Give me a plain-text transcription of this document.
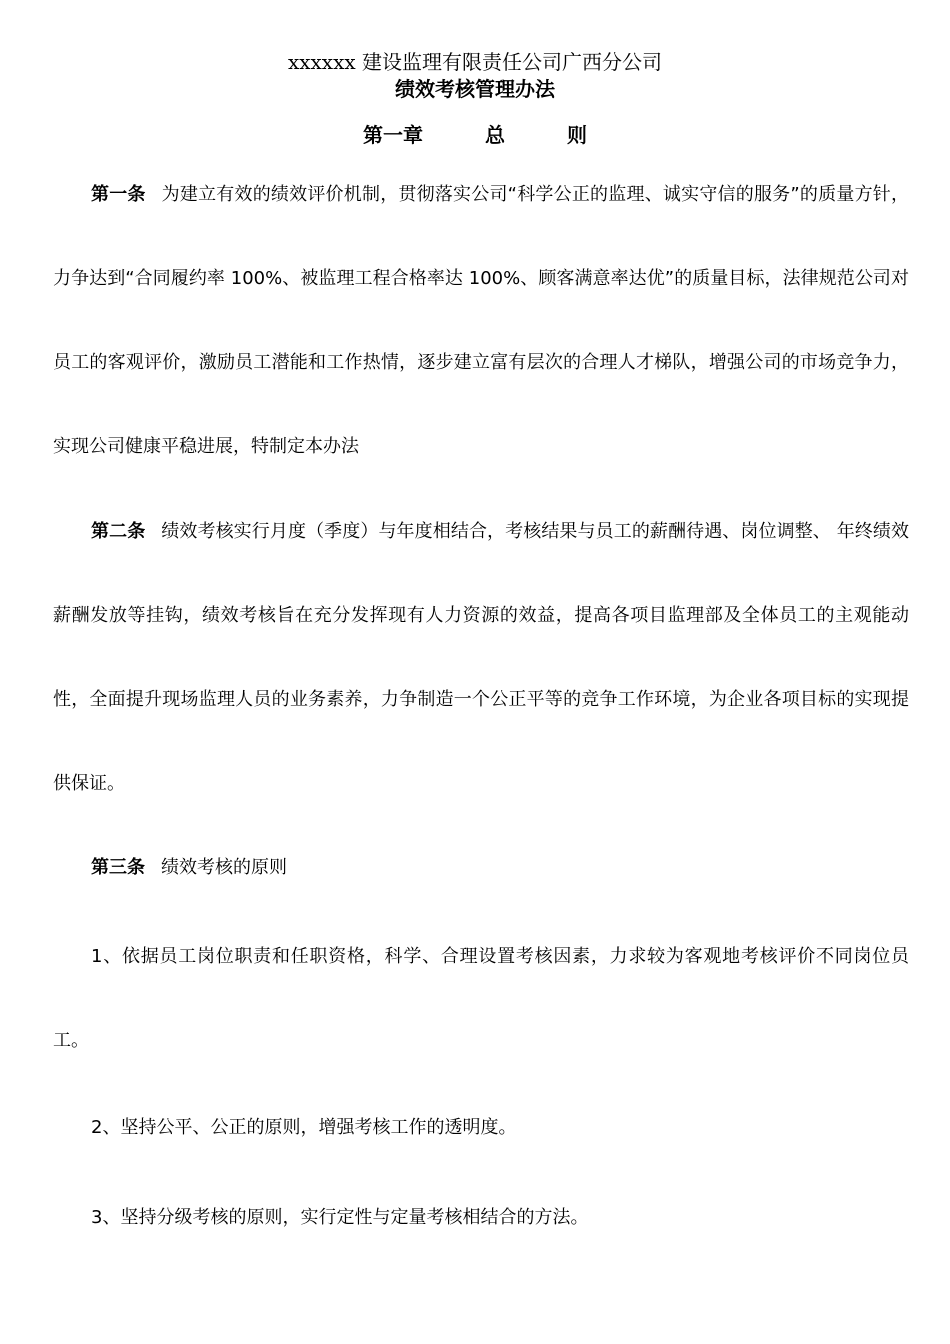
xxxxxx 建设监理有限责任公司广西分公司
绩效考核管理办法
第一章	总	则

第一条 为建立有效的绩效评价机制，贯彻落实公司“科学公正的监理、诚实守信的服务”的质量方针，力争达到“合同履约率 100%、被监理工程合格率达 100%、顾客满意率达优”的质量目标，法律规范公司对员工的客观评价，激励员工潜能和工作热情，逐步建立富有层次的合理人才梯队，增强公司的市场竞争力，实现公司健康平稳进展，特制定本办法

第二条 绩效考核实行月度（季度）与年度相结合，考核结果与员工的薪酬待遇、岗位调整、 年终绩效薪酬发放等挂钩，绩效考核旨在充分发挥现有人力资源的效益，提高各项目监理部及全体员工的主观能动性，全面提升现场监理人员的业务素养，力争制造一个公正平等的竞争工作环境，为企业各项目标的实现提供保证。

第三条 绩效考核的原则

1、依据员工岗位职责和任职资格，科学、合理设置考核因素，力求较为客观地考核评价不同岗位员工。

2、坚持公平、公正的原则，增强考核工作的透明度。

3、坚持分级考核的原则，实行定性与定量考核相结合的方法。
